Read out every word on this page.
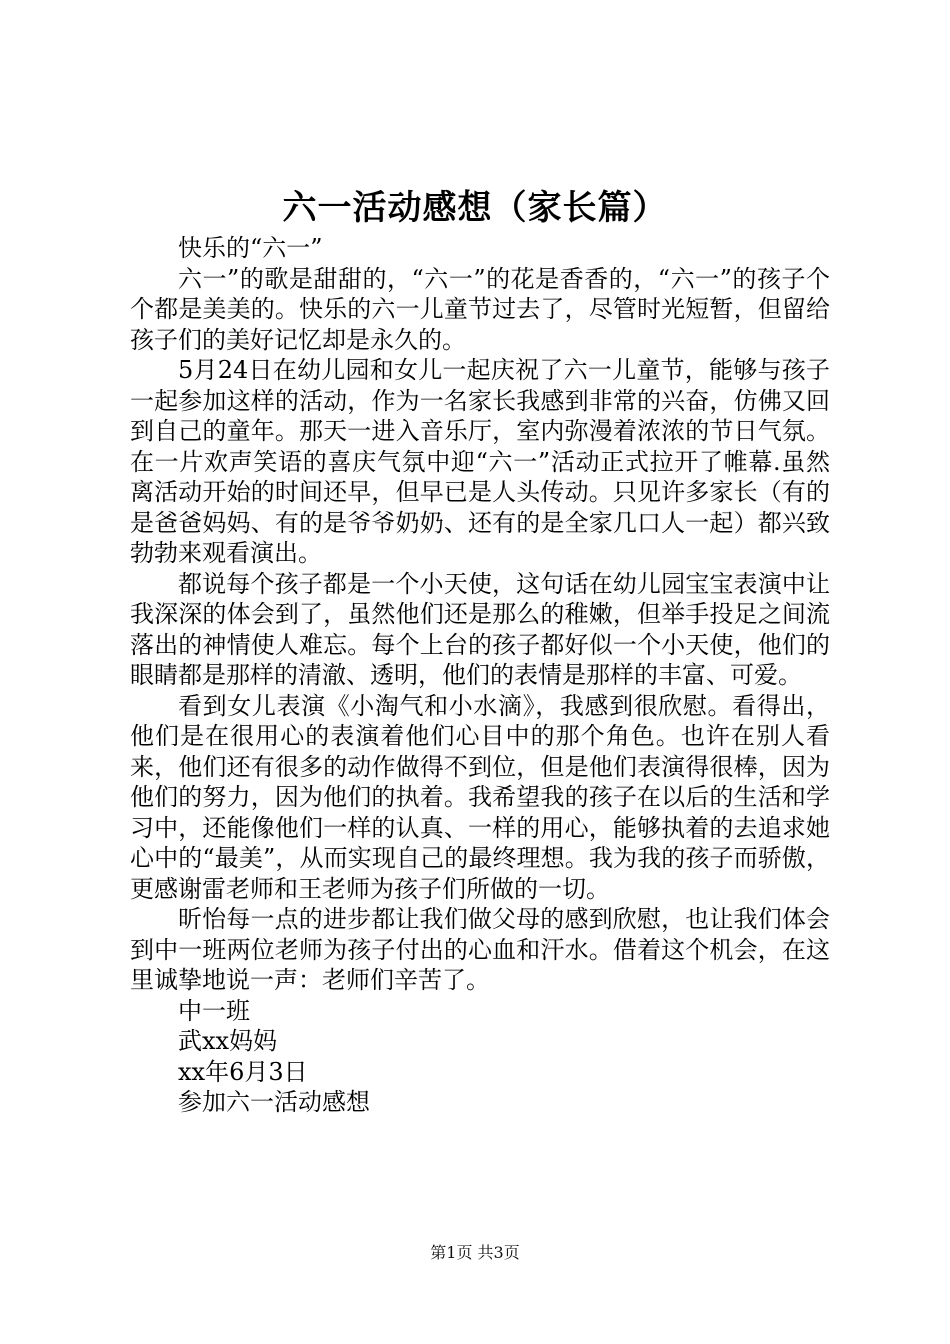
六一活动感想（家长篇）

快乐的“六一”

六一”的歌是甜甜的，“六一”的花是香香的，“六一”的孩子个个都是美美的。快乐的六一儿童节过去了，尽管时光短暂，但留给孩子们的美好记忆却是永久的。

5月24日在幼儿园和女儿一起庆祝了六一儿童节，能够与孩子一起参加这样的活动，作为一名家长我感到非常的兴奋，仿佛又回到自己的童年。那天一进入音乐厅，室内弥漫着浓浓的节日气氛。在一片欢声笑语的喜庆气氛中迎“六一”活动正式拉开了帷幕.虽然离活动开始的时间还早，但早已是人头传动。只见许多家长（有的是爸爸妈妈、有的是爷爷奶奶、还有的是全家几口人一起）都兴致勃勃来观看演出。

都说每个孩子都是一个小天使，这句话在幼儿园宝宝表演中让我深深的体会到了，虽然他们还是那么的稚嫩，但举手投足之间流落出的神情使人难忘。每个上台的孩子都好似一个小天使，他们的眼睛都是那样的清澈、透明，他们的表情是那样的丰富、可爱。

看到女儿表演《小淘气和小水滴》，我感到很欣慰。看得出，他们是在很用心的表演着他们心目中的那个角色。也许在别人看来，他们还有很多的动作做得不到位，但是他们表演得很棒，因为他们的努力，因为他们的执着。我希望我的孩子在以后的生活和学习中，还能像他们一样的认真、一样的用心，能够执着的去追求她心中的“最美”，从而实现自己的最终理想。我为我的孩子而骄傲，更感谢雷老师和王老师为孩子们所做的一切。

昕怡每一点的进步都让我们做父母的感到欣慰，也让我们体会到中一班两位老师为孩子付出的心血和汗水。借着这个机会，在这里诚挚地说一声：老师们辛苦了。

中一班

武xx妈妈

xx年6月3日

参加六一活动感想

第1页 共3页
